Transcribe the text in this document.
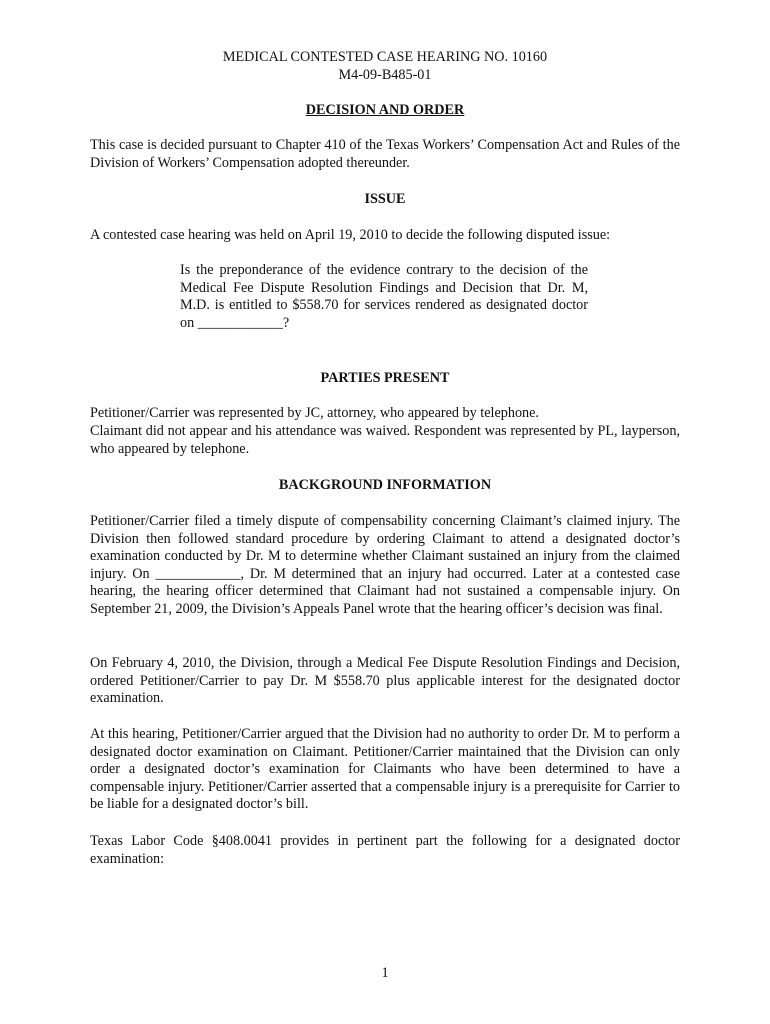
MEDICAL CONTESTED CASE HEARING NO. 10160

M4-09-B485-01

DECISION AND ORDER

This case is decided pursuant to Chapter 410 of the Texas Workers’ Compensation Act and Rules of the Division of Workers’ Compensation adopted thereunder.

ISSUE

A contested case hearing was held on April 19, 2010 to decide the following disputed issue:

Is the preponderance of the evidence contrary to the decision of the Medical Fee Dispute Resolution Findings and Decision that Dr. M, M.D. is entitled to $558.70 for services rendered as designated doctor on ____________?

PARTIES PRESENT

Petitioner/Carrier was represented by JC, attorney, who appeared by telephone.

Claimant did not appear and his attendance was waived. Respondent was represented by PL, layperson, who appeared by telephone.

BACKGROUND INFORMATION

Petitioner/Carrier filed a timely dispute of compensability concerning Claimant’s claimed injury. The Division then followed standard procedure by ordering Claimant to attend a designated doctor’s examination conducted by Dr. M to determine whether Claimant sustained an injury from the claimed injury. On ____________, Dr. M determined that an injury had occurred. Later at a contested case hearing, the hearing officer determined that Claimant had not sustained a compensable injury. On September 21, 2009, the Division’s Appeals Panel wrote that the hearing officer’s decision was final.

On February 4, 2010, the Division, through a Medical Fee Dispute Resolution Findings and Decision, ordered Petitioner/Carrier to pay Dr. M $558.70 plus applicable interest for the designated doctor examination.

At this hearing, Petitioner/Carrier argued that the Division had no authority to order Dr. M to perform a designated doctor examination on Claimant. Petitioner/Carrier maintained that the Division can only order a designated doctor’s examination for Claimants who have been determined to have a compensable injury. Petitioner/Carrier asserted that a compensable injury is a prerequisite for Carrier to be liable for a designated doctor’s bill.

Texas Labor Code §408.0041 provides in pertinent part the following for a designated doctor examination:

1
